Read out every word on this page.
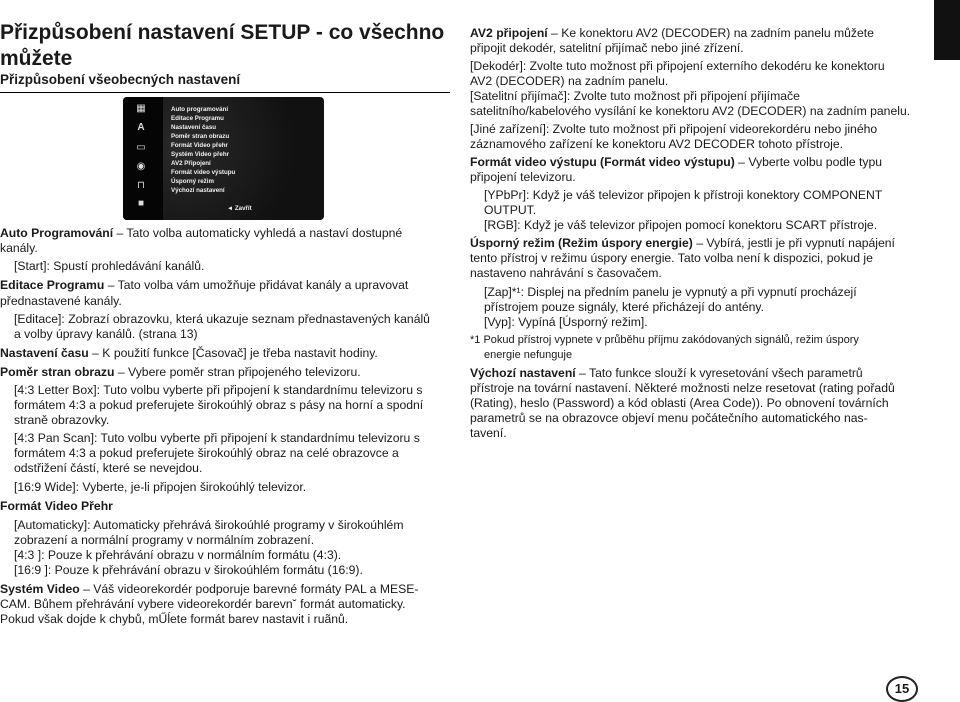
Přizpůsobení nastavení SETUP - co všechno
můžete
Přizpůsobení všeobecných nastavení
▦
A
▭
◉
⊓
■
Auto programování
Editace Programu
Nastavení času
Poměr stran obrazu
Formát Video přehr
Systém Video přehr
AV2 Připojení
Formát video výstupu
Úsporný režim
Výchozí nastavení
◄ Zavřít
Auto Programování – Tato volba automaticky vyhledá a nastaví dostupné
kanály.
[Start]: Spustí prohledávání kanálů.
Editace Programu – Tato volba vám umožňuje přidávat kanály a upravovat
přednastavené kanály.
[Editace]: Zobrazí obrazovku, která ukazuje seznam přednastavených kanálů
a volby úpravy kanálů. (strana 13)
Nastavení času – K použití funkce [Časovač] je třeba nastavit hodiny.
Poměr stran obrazu – Vybere poměr stran připojeného televizoru.
[4:3 Letter Box]: Tuto volbu vyberte při připojení k standardnímu televizoru s
formátem 4:3 a pokud preferujete širokoúhlý obraz s pásy na horní a spodní
straně obrazovky.
[4:3 Pan Scan]: Tuto volbu vyberte při připojení k standardnímu televizoru s
formátem 4:3 a pokud preferujete širokoúhlý obraz na celé obrazovce a
odstřižení částí, které se nevejdou.
[16:9 Wide]: Vyberte, je-li připojen širokoúhlý televizor.
Formát Video Přehr
[Automaticky]: Automaticky přehrává širokoúhlé programy v širokoúhlém
zobrazení a normální programy v normálním zobrazení.
[4:3 ]: Pouze k přehrávání obrazu v normálním formátu (4:3).
[16:9 ]: Pouze k přehrávání obrazu v širokoúhlém formátu (16:9).
Systém Video – Váš videorekordér podporuje barevné formáty PAL a MESE-
CAM. Bůhem přehrávání vybere videorekordér barevn˘ formát automaticky.
Pokud však dojde k chybů, mŰĺete formát barev nastavit i ruãnů.
AV2 připojení – Ke konektoru AV2 (DECODER) na zadním panelu můžete
připojit dekodér, satelitní přijímač nebo jiné zřízení.
[Dekodér]: Zvolte tuto možnost při připojení externího dekodéru ke konektoru
AV2 (DECODER) na zadním panelu.
[Satelitní přijímač]: Zvolte tuto možnost při připojení přijímače
satelitního/kabelového vysílání ke konektoru AV2 (DECODER) na zadním panelu.
[Jiné zařízení]: Zvolte tuto možnost při připojení videorekordéru nebo jiného
záznamového zařízení ke konektoru AV2 DECODER tohoto přístroje.
Formát video výstupu (Formát video výstupu) – Vyberte volbu podle typu
připojení televizoru.
[YPbPr]: Když je váš televizor připojen k přístroji konektory COMPONENT
OUTPUT.
[RGB]: Když je váš televizor připojen pomocí konektoru SCART přístroje.
Úsporný režim (Režim úspory energie) – Vybírá, jestli je při vypnutí napájení
tento přístroj v režimu úspory energie. Tato volba není k dispozici, pokud je
nastaveno nahrávání s časovačem.
[Zap]*¹: Displej na předním panelu je vypnutý a při vypnutí procházejí
přístrojem pouze signály, které přicházejí do antény.
[Vyp]: Vypíná [Úsporný režim].
*1 Pokud přístroj vypnete v průběhu příjmu zakódovaných signálů, režim úspory
energie nefunguje
Výchozí nastavení – Tato funkce slouží k vyresetování všech parametrů
přístroje na tovární nastavení. Některé možnosti nelze resetovat (rating pořadů
(Rating), heslo (Password) a kód oblasti (Area Code)). Po obnovení továrních
parametrů se na obrazovce objeví menu počátečního automatického nas-
tavení.
15
